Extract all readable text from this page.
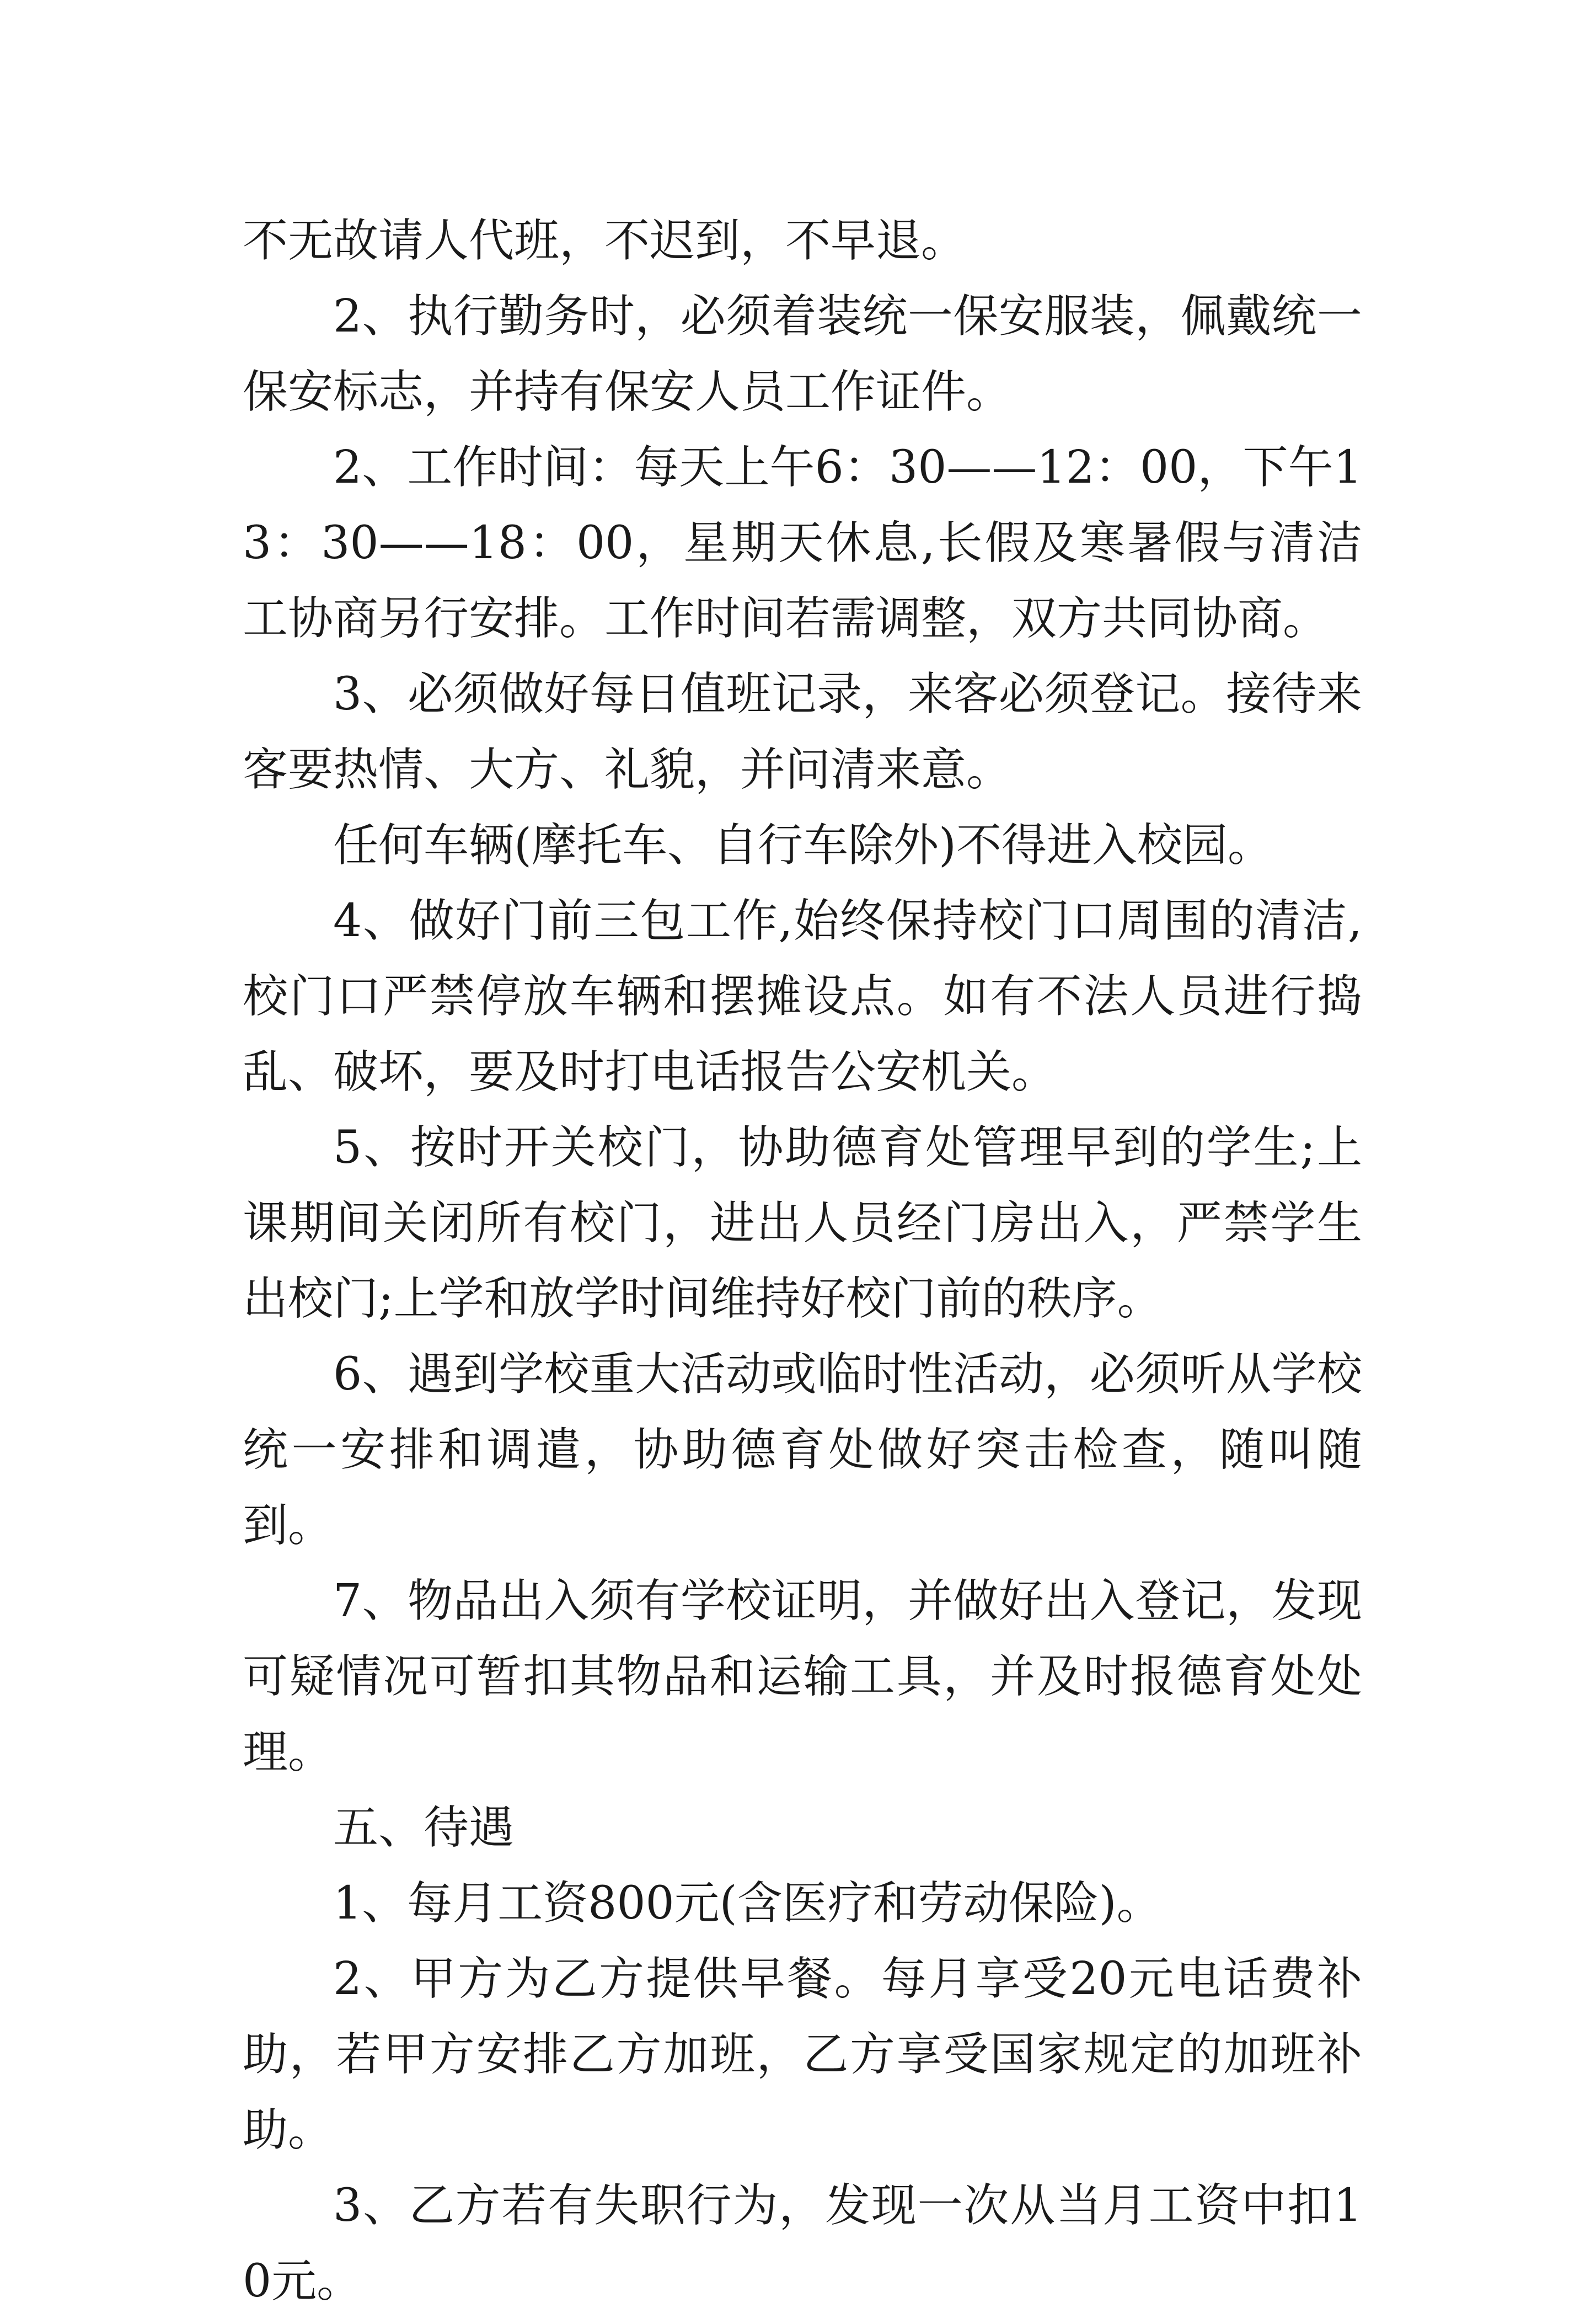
不无故请人代班，不迟到，不早退。

2、执行勤务时，必须着装统一保安服装，佩戴统一保安标志，并持有保安人员工作证件。

2、工作时间：每天上午6：30——12：00，下午13：30——18：00，星期天休息,长假及寒暑假与清洁工协商另行安排。工作时间若需调整，双方共同协商。

3、必须做好每日值班记录，来客必须登记。接待来客要热情、大方、礼貌，并问清来意。

任何车辆(摩托车、自行车除外)不得进入校园。

4、做好门前三包工作,始终保持校门口周围的清洁,校门口严禁停放车辆和摆摊设点。如有不法人员进行捣乱、破坏，要及时打电话报告公安机关。

5、按时开关校门，协助德育处管理早到的学生;上课期间关闭所有校门，进出人员经门房出入，严禁学生出校门;上学和放学时间维持好校门前的秩序。

6、遇到学校重大活动或临时性活动，必须听从学校统一安排和调遣，协助德育处做好突击检查，随叫随到。

7、物品出入须有学校证明，并做好出入登记，发现可疑情况可暂扣其物品和运输工具，并及时报德育处处理。

五、待遇

1、每月工资800元(含医疗和劳动保险)。

2、甲方为乙方提供早餐。每月享受20元电话费补助，若甲方安排乙方加班，乙方享受国家规定的加班补助。

3、乙方若有失职行为，发现一次从当月工资中扣10元。
